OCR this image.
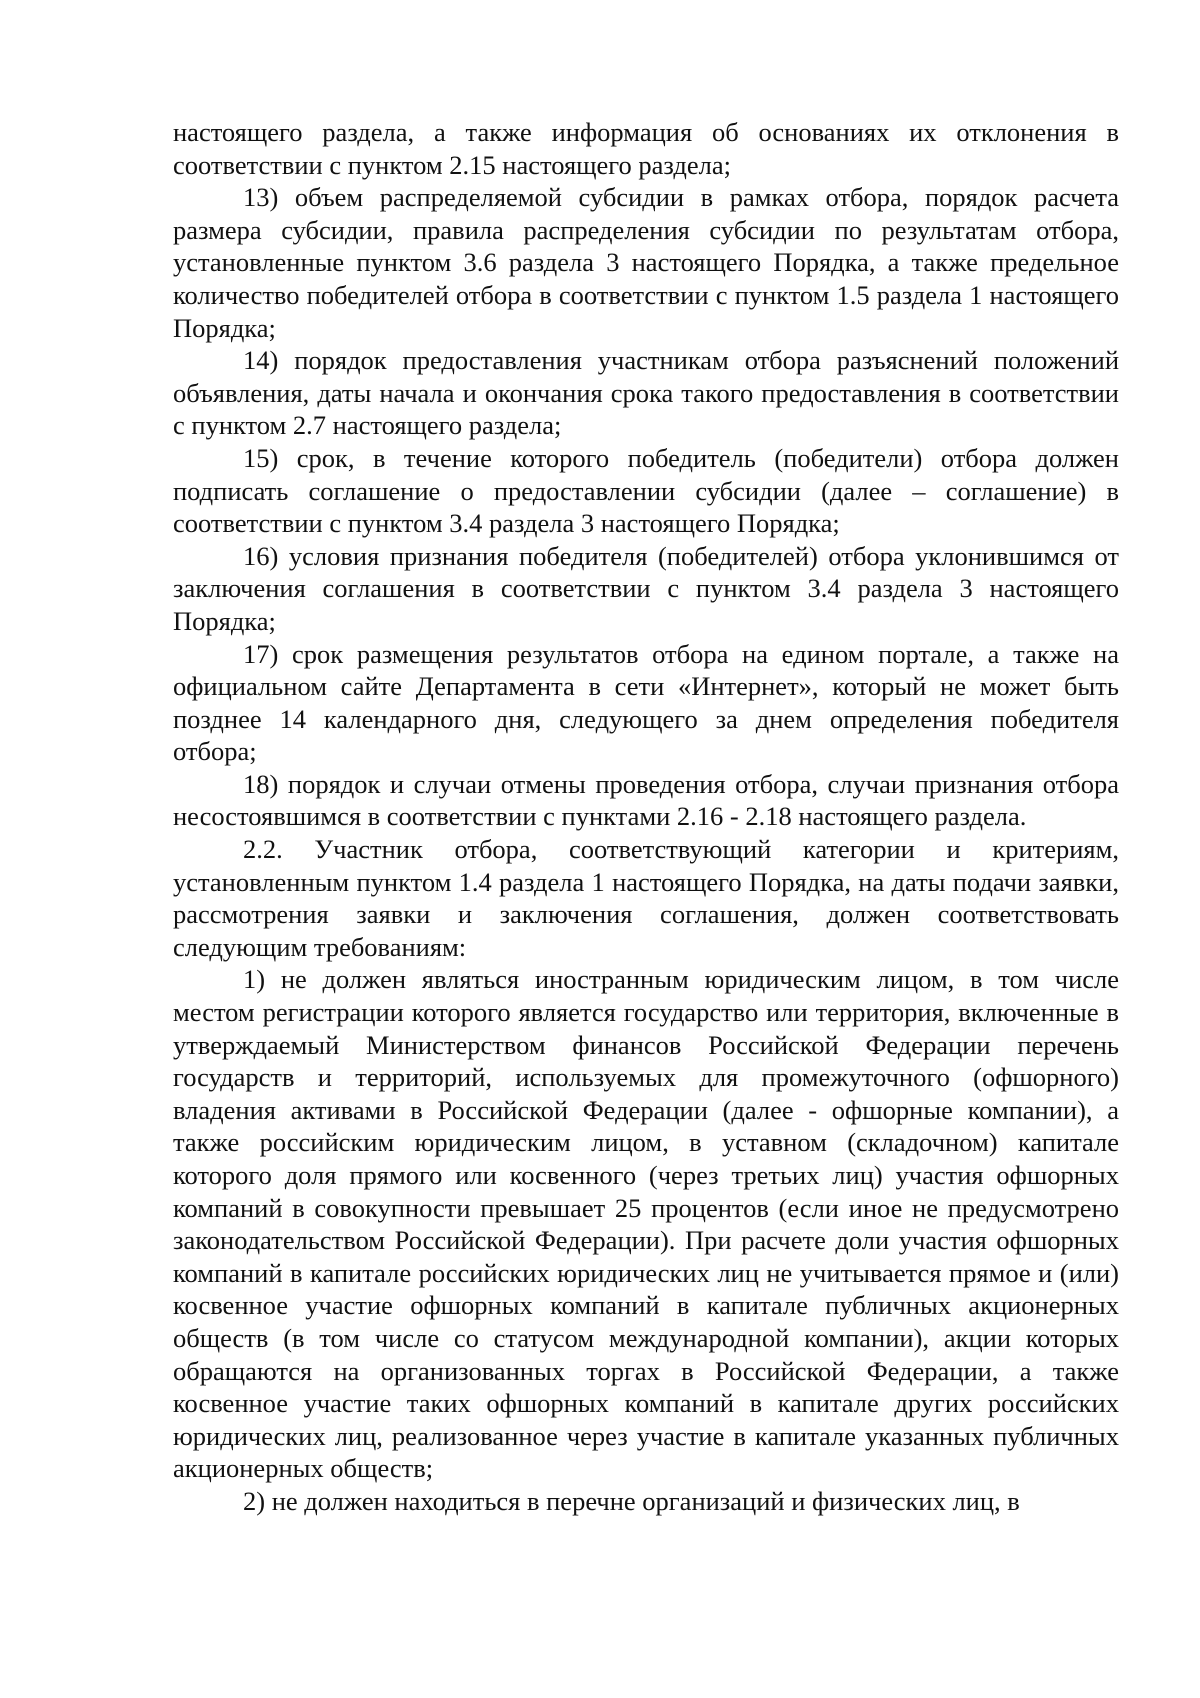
настоящего раздела, а также информация об основаниях их отклонения в соответствии с пунктом 2.15 настоящего раздела;

13) объем распределяемой субсидии в рамках отбора, порядок расчета размера субсидии, правила распределения субсидии по результатам отбора, установленные пунктом 3.6 раздела 3 настоящего Порядка, а также предельное количество победителей отбора в соответствии с пунктом 1.5 раздела 1 настоящего Порядка;

14) порядок предоставления участникам отбора разъяснений положений объявления, даты начала и окончания срока такого предоставления в соответствии с пунктом 2.7 настоящего раздела;

15) срок, в течение которого победитель (победители) отбора должен подписать соглашение о предоставлении субсидии (далее – соглашение) в соответствии с пунктом 3.4 раздела 3 настоящего Порядка;

16) условия признания победителя (победителей) отбора уклонившимся от заключения соглашения в соответствии с пунктом 3.4 раздела 3 настоящего Порядка;

17) срок размещения результатов отбора на едином портале, а также на официальном сайте Департамента в сети «Интернет», который не может быть позднее 14 календарного дня, следующего за днем определения победителя отбора;

18) порядок и случаи отмены проведения отбора, случаи признания отбора несостоявшимся в соответствии с пунктами 2.16 - 2.18 настоящего раздела.

2.2. Участник отбора, соответствующий категории и критериям, установленным пунктом 1.4 раздела 1 настоящего Порядка, на даты подачи заявки, рассмотрения заявки и заключения соглашения, должен соответствовать следующим требованиям:

1) не должен являться иностранным юридическим лицом, в том числе местом регистрации которого является государство или территория, включенные в утверждаемый Министерством финансов Российской Федерации перечень государств и территорий, используемых для промежуточного (офшорного) владения активами в Российской Федерации (далее - офшорные компании), а также российским юридическим лицом, в уставном (складочном) капитале которого доля прямого или косвенного (через третьих лиц) участия офшорных компаний в совокупности превышает 25 процентов (если иное не предусмотрено законодательством Российской Федерации). При расчете доли участия офшорных компаний в капитале российских юридических лиц не учитывается прямое и (или) косвенное участие офшорных компаний в капитале публичных акционерных обществ (в том числе со статусом международной компании), акции которых обращаются на организованных торгах в Российской Федерации, а также косвенное участие таких офшорных компаний в капитале других российских юридических лиц, реализованное через участие в капитале указанных публичных акционерных обществ;

2) не должен находиться в перечне организаций и физических лиц, в
